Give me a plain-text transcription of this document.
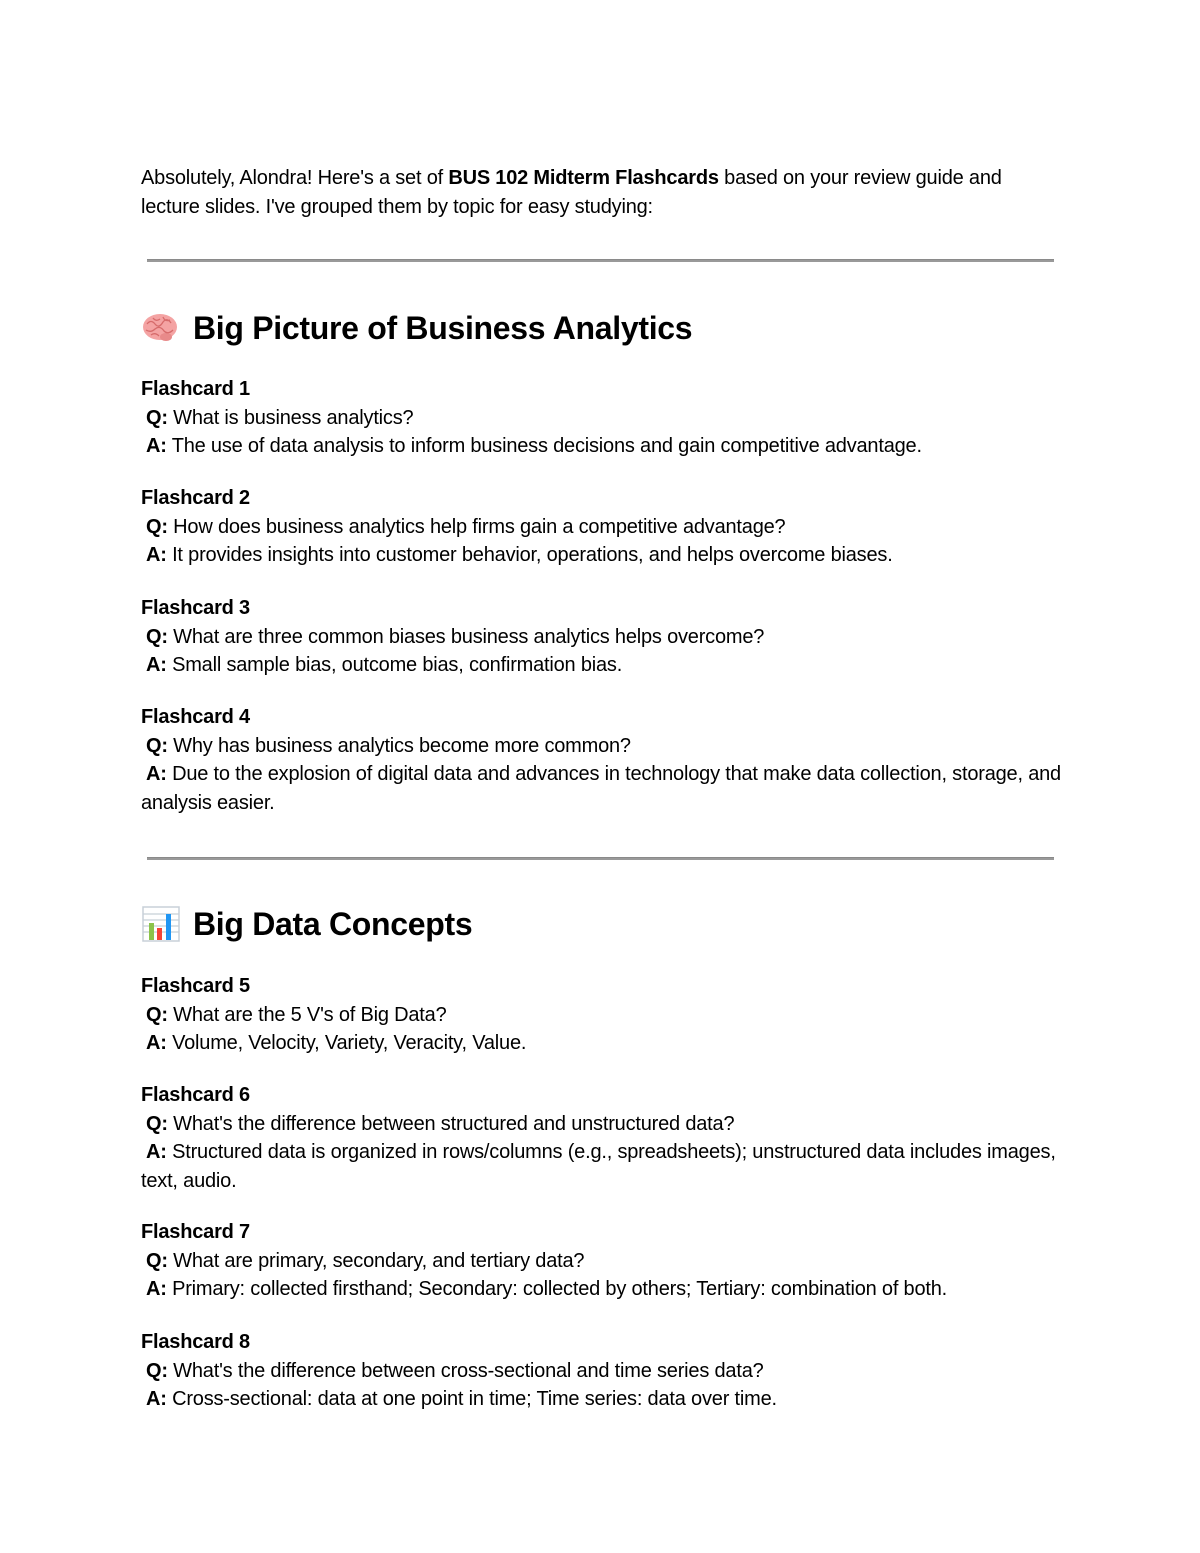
Absolutely, Alondra! Here's a set of BUS 102 Midterm Flashcards based on your review guide and lecture slides. I've grouped them by topic for easy studying:
Big Picture of Business Analytics
Flashcard 1
Q: What is business analytics?
A: The use of data analysis to inform business decisions and gain competitive advantage.
Flashcard 2
Q: How does business analytics help firms gain a competitive advantage?
A: It provides insights into customer behavior, operations, and helps overcome biases.
Flashcard 3
Q: What are three common biases business analytics helps overcome?
A: Small sample bias, outcome bias, confirmation bias.
Flashcard 4
Q: Why has business analytics become more common?
A: Due to the explosion of digital data and advances in technology that make data collection, storage, and analysis easier.
Big Data Concepts
Flashcard 5
Q: What are the 5 V's of Big Data?
A: Volume, Velocity, Variety, Veracity, Value.
Flashcard 6
Q: What's the difference between structured and unstructured data?
A: Structured data is organized in rows/columns (e.g., spreadsheets); unstructured data includes images, text, audio.
Flashcard 7
Q: What are primary, secondary, and tertiary data?
A: Primary: collected firsthand; Secondary: collected by others; Tertiary: combination of both.
Flashcard 8
Q: What's the difference between cross-sectional and time series data?
A: Cross-sectional: data at one point in time; Time series: data over time.
